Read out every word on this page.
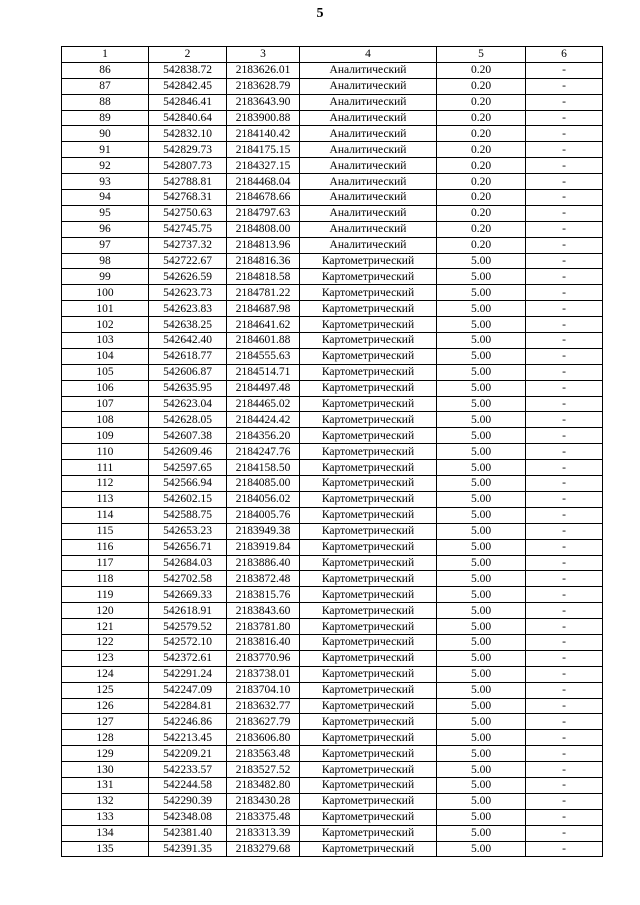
5
1	2	3	4	5	6
86	542838.72	2183626.01	Аналитический	0.20	-
87	542842.45	2183628.79	Аналитический	0.20	-
88	542846.41	2183643.90	Аналитический	0.20	-
89	542840.64	2183900.88	Аналитический	0.20	-
90	542832.10	2184140.42	Аналитический	0.20	-
91	542829.73	2184175.15	Аналитический	0.20	-
92	542807.73	2184327.15	Аналитический	0.20	-
93	542788.81	2184468.04	Аналитический	0.20	-
94	542768.31	2184678.66	Аналитический	0.20	-
95	542750.63	2184797.63	Аналитический	0.20	-
96	542745.75	2184808.00	Аналитический	0.20	-
97	542737.32	2184813.96	Аналитический	0.20	-
98	542722.67	2184816.36	Картометрический	5.00	-
99	542626.59	2184818.58	Картометрический	5.00	-
100	542623.73	2184781.22	Картометрический	5.00	-
101	542623.83	2184687.98	Картометрический	5.00	-
102	542638.25	2184641.62	Картометрический	5.00	-
103	542642.40	2184601.88	Картометрический	5.00	-
104	542618.77	2184555.63	Картометрический	5.00	-
105	542606.87	2184514.71	Картометрический	5.00	-
106	542635.95	2184497.48	Картометрический	5.00	-
107	542623.04	2184465.02	Картометрический	5.00	-
108	542628.05	2184424.42	Картометрический	5.00	-
109	542607.38	2184356.20	Картометрический	5.00	-
110	542609.46	2184247.76	Картометрический	5.00	-
111	542597.65	2184158.50	Картометрический	5.00	-
112	542566.94	2184085.00	Картометрический	5.00	-
113	542602.15	2184056.02	Картометрический	5.00	-
114	542588.75	2184005.76	Картометрический	5.00	-
115	542653.23	2183949.38	Картометрический	5.00	-
116	542656.71	2183919.84	Картометрический	5.00	-
117	542684.03	2183886.40	Картометрический	5.00	-
118	542702.58	2183872.48	Картометрический	5.00	-
119	542669.33	2183815.76	Картометрический	5.00	-
120	542618.91	2183843.60	Картометрический	5.00	-
121	542579.52	2183781.80	Картометрический	5.00	-
122	542572.10	2183816.40	Картометрический	5.00	-
123	542372.61	2183770.96	Картометрический	5.00	-
124	542291.24	2183738.01	Картометрический	5.00	-
125	542247.09	2183704.10	Картометрический	5.00	-
126	542284.81	2183632.77	Картометрический	5.00	-
127	542246.86	2183627.79	Картометрический	5.00	-
128	542213.45	2183606.80	Картометрический	5.00	-
129	542209.21	2183563.48	Картометрический	5.00	-
130	542233.57	2183527.52	Картометрический	5.00	-
131	542244.58	2183482.80	Картометрический	5.00	-
132	542290.39	2183430.28	Картометрический	5.00	-
133	542348.08	2183375.48	Картометрический	5.00	-
134	542381.40	2183313.39	Картометрический	5.00	-
135	542391.35	2183279.68	Картометрический	5.00	-
